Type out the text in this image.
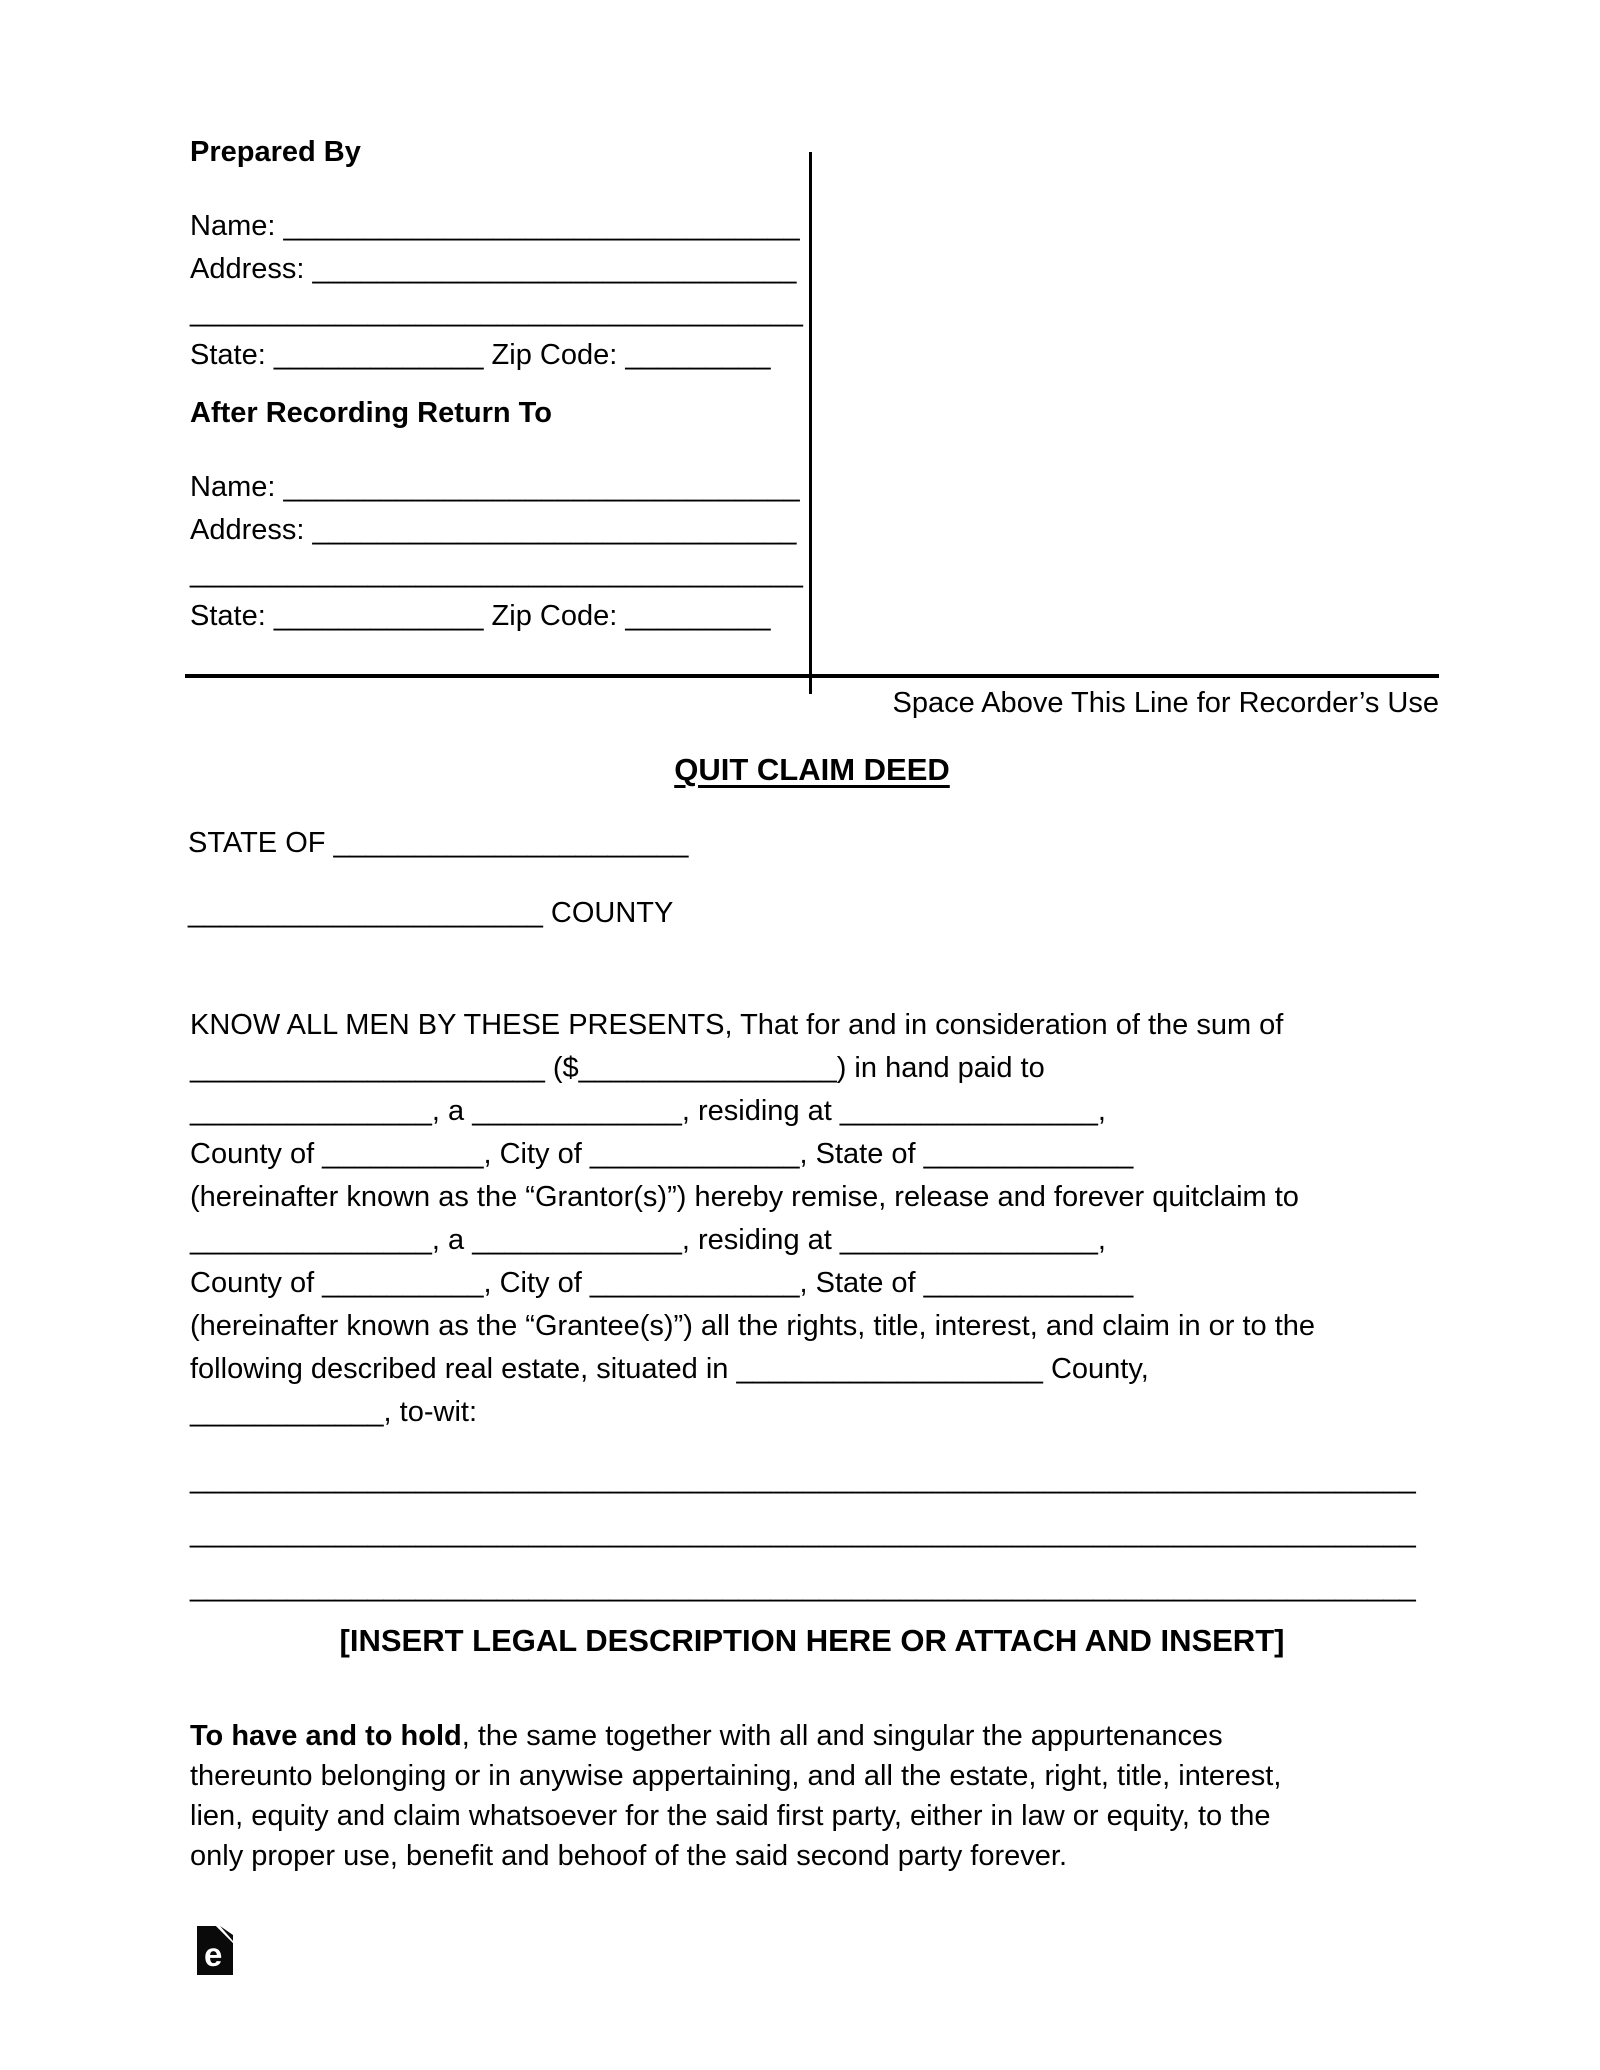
Prepared By
Name: ________________________________
Address: ______________________________
______________________________________
State: _____________ Zip Code: _________
After Recording Return To
Name: ________________________________
Address: ______________________________
______________________________________
State: _____________ Zip Code: _________
Space Above This Line for Recorder’s Use
QUIT CLAIM DEED
STATE OF ______________________
______________________ COUNTY
KNOW ALL MEN BY THESE PRESENTS, That for and in consideration of the sum of
______________________ ($________________) in hand paid to
_______________, a _____________, residing at ________________,
County of __________, City of _____________, State of _____________
(hereinafter known as the “Grantor(s)”) hereby remise, release and forever quitclaim to
_______________, a _____________, residing at ________________,
County of __________, City of _____________, State of _____________
(hereinafter known as the “Grantee(s)”) all the rights, title, interest, and claim in or to the
following described real estate, situated in ___________________ County,
____________, to-wit:
____________________________________________________________________________
____________________________________________________________________________
____________________________________________________________________________
[INSERT LEGAL DESCRIPTION HERE OR ATTACH AND INSERT]
To have and to hold, the same together with all and singular the appurtenances
thereunto belonging or in anywise appertaining, and all the estate, right, title, interest,
lien, equity and claim whatsoever for the said first party, either in law or equity, to the
only proper use, benefit and behoof of the said second party forever.
e
